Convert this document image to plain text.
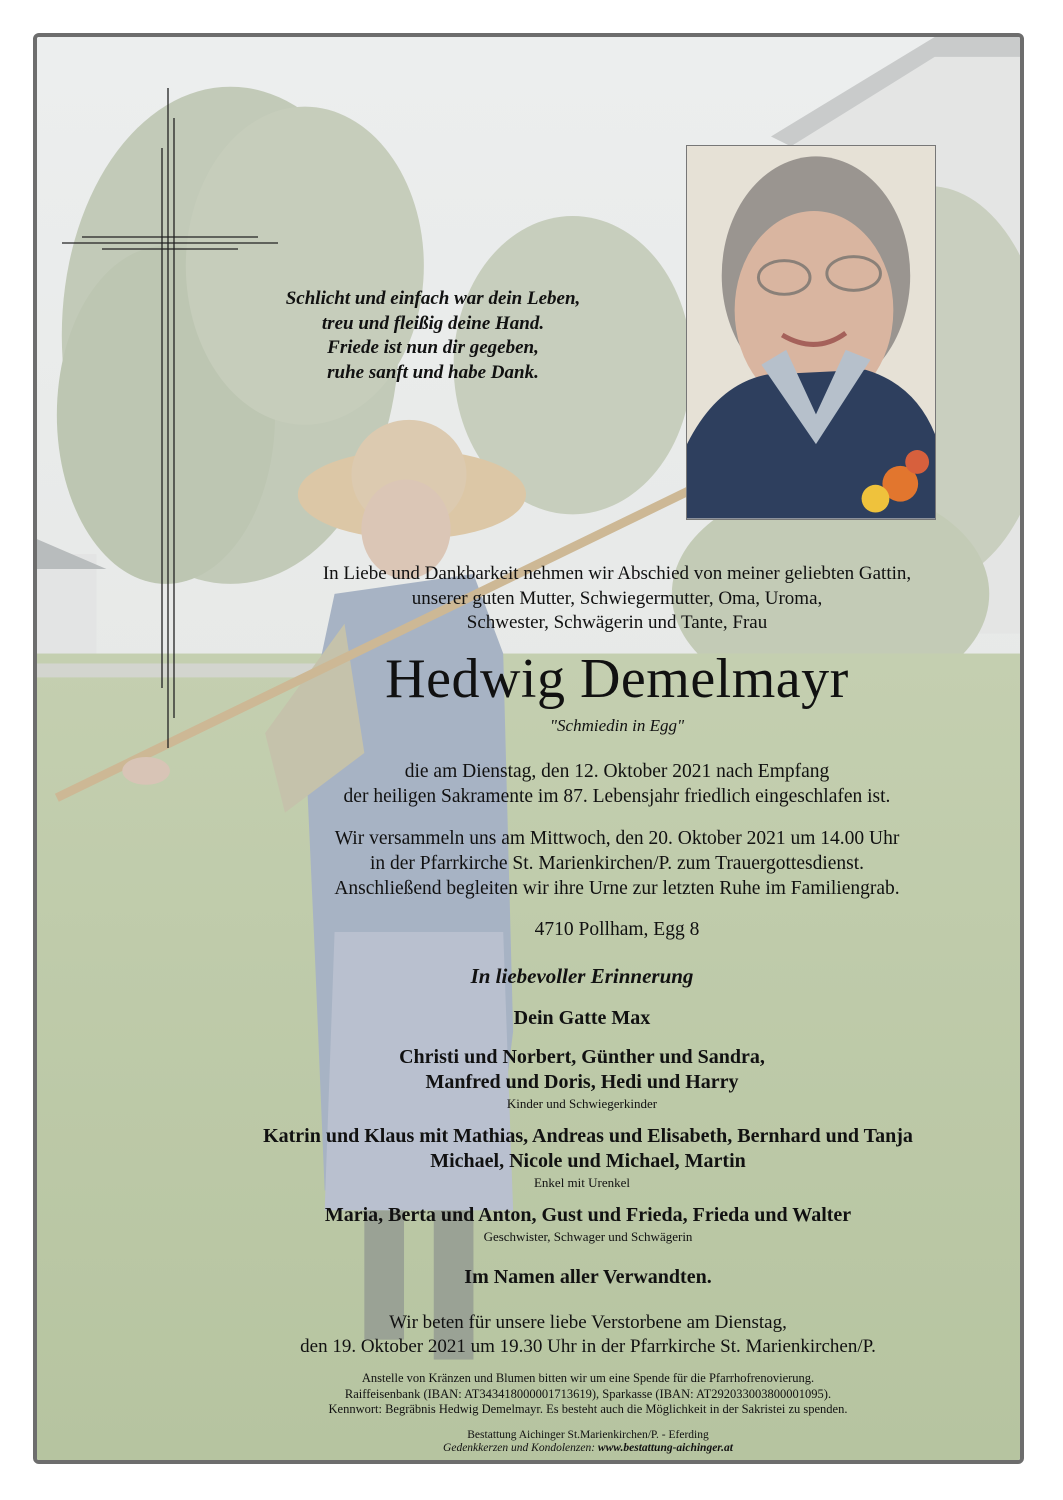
Schlicht und einfach war dein Leben,
treu und fleißig deine Hand.
Friede ist nun dir gegeben,
ruhe sanft und habe Dank.
In Liebe und Dankbarkeit nehmen wir Abschied von meiner geliebten Gattin,
unserer guten Mutter, Schwiegermutter, Oma, Uroma,
Schwester, Schwägerin und Tante, Frau
Hedwig Demelmayr
"Schmiedin in Egg"
die am Dienstag, den 12. Oktober 2021 nach Empfang
der heiligen Sakramente im 87. Lebensjahr friedlich eingeschlafen ist.
Wir versammeln uns am Mittwoch, den 20. Oktober 2021 um 14.00 Uhr
in der Pfarrkirche St. Marienkirchen/P. zum Trauergottesdienst.
Anschließend begleiten wir ihre Urne zur letzten Ruhe im Familiengrab.
4710 Pollham, Egg 8
In liebevoller Erinnerung
Dein Gatte Max
Christi und Norbert, Günther und Sandra,
Manfred und Doris, Hedi und Harry
Kinder und Schwiegerkinder
Katrin und Klaus mit Mathias, Andreas und Elisabeth, Bernhard und Tanja
Michael, Nicole und Michael, Martin
Enkel mit Urenkel
Maria, Berta und Anton, Gust und Frieda, Frieda und Walter
Geschwister, Schwager und Schwägerin
Im Namen aller Verwandten.
Wir beten für unsere liebe Verstorbene am Dienstag,
den 19. Oktober 2021 um 19.30 Uhr in der Pfarrkirche St. Marienkirchen/P.
Anstelle von Kränzen und Blumen bitten wir um eine Spende für die Pfarrhofrenovierung.
Raiffeisenbank (IBAN: AT343418000001713619), Sparkasse (IBAN: AT292033003800001095).
Kennwort: Begräbnis Hedwig Demelmayr. Es besteht auch die Möglichkeit in der Sakristei zu spenden.
Bestattung Aichinger St.Marienkirchen/P. - Eferding
Gedenkkerzen und Kondolenzen: www.bestattung-aichinger.at
